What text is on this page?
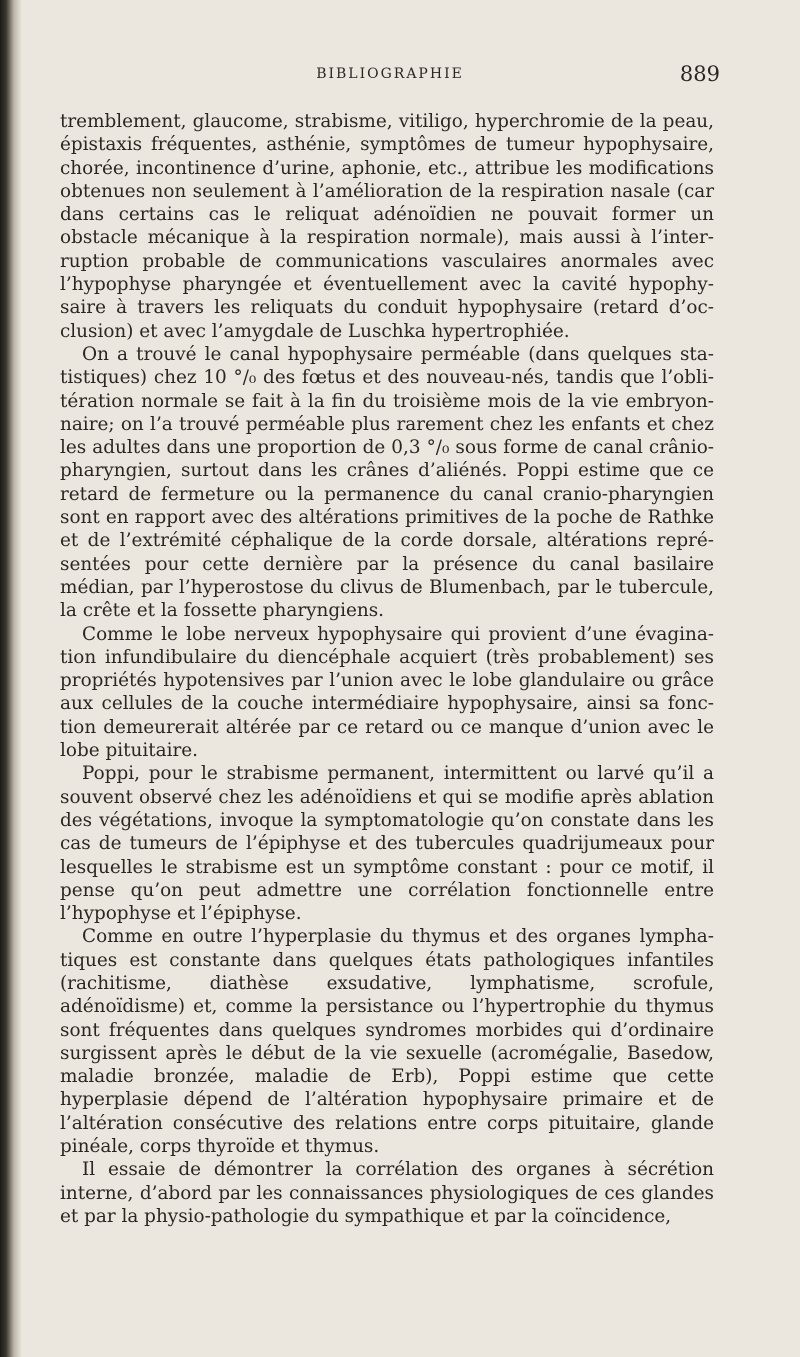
BIBLIOGRAPHIE	889

tremblement, glaucome, strabisme, vitiligo, hyperchromie de la peau, épistaxis fréquentes, asthénie, symptômes de tumeur hypophysaire, chorée, incontinence d’urine, aphonie, etc., attribue les modifications obtenues non seulement à l’amélioration de la respiration nasale (car dans certains cas le reliquat adénoïdien ne pouvait former un obstacle mécanique à la respiration normale), mais aussi à l’interruption probable de communications vasculaires anormales avec l’hypophyse pharyngée et éventuellement avec la cavité hypophysaire à travers les reliquats du conduit hypophysaire (retard d’occlusion) et avec l’amygdale de Luschka hypertrophiée.

On a trouvé le canal hypophysaire perméable (dans quelques statistiques) chez 10 °/₀ des fœtus et des nouveau-nés, tandis que l’oblitération normale se fait à la fin du troisième mois de la vie embryonnaire; on l’a trouvé perméable plus rarement chez les enfants et chez les adultes dans une proportion de 0,3 °/₀ sous forme de canal crânio-pharyngien, surtout dans les crânes d’aliénés. Poppi estime que ce retard de fermeture ou la permanence du canal cranio-pharyngien sont en rapport avec des altérations primitives de la poche de Rathke et de l’extrémité céphalique de la corde dorsale, altérations représentées pour cette dernière par la présence du canal basilaire médian, par l’hyperostose du clivus de Blumenbach, par le tubercule, la crête et la fossette pharyngiens.

Comme le lobe nerveux hypophysaire qui provient d’une évagination infundibulaire du diencéphale acquiert (très probablement) ses propriétés hypotensives par l’union avec le lobe glandulaire ou grâce aux cellules de la couche intermédiaire hypophysaire, ainsi sa fonction demeurerait altérée par ce retard ou ce manque d’union avec le lobe pituitaire.

Poppi, pour le strabisme permanent, intermittent ou larvé qu’il a souvent observé chez les adénoïdiens et qui se modifie après ablation des végétations, invoque la symptomatologie qu’on constate dans les cas de tumeurs de l’épiphyse et des tubercules quadrijumeaux pour lesquelles le strabisme est un symptôme constant : pour ce motif, il pense qu’on peut admettre une corrélation fonctionnelle entre l’hypophyse et l’épiphyse.

Comme en outre l’hyperplasie du thymus et des organes lymphatiques est constante dans quelques états pathologiques infantiles (rachitisme, diathèse exsudative, lymphatisme, scrofule, adénoïdisme) et, comme la persistance ou l’hypertrophie du thymus sont fréquentes dans quelques syndromes morbides qui d’ordinaire surgissent après le début de la vie sexuelle (acromégalie, Basedow, maladie bronzée, maladie de Erb), Poppi estime que cette hyperplasie dépend de l’altération hypophysaire primaire et de l’altération consécutive des relations entre corps pituitaire, glande pinéale, corps thyroïde et thymus.

Il essaie de démontrer la corrélation des organes à sécrétion interne, d’abord par les connaissances physiologiques de ces glandes et par la physio-pathologie du sympathique et par la coïncidence,
